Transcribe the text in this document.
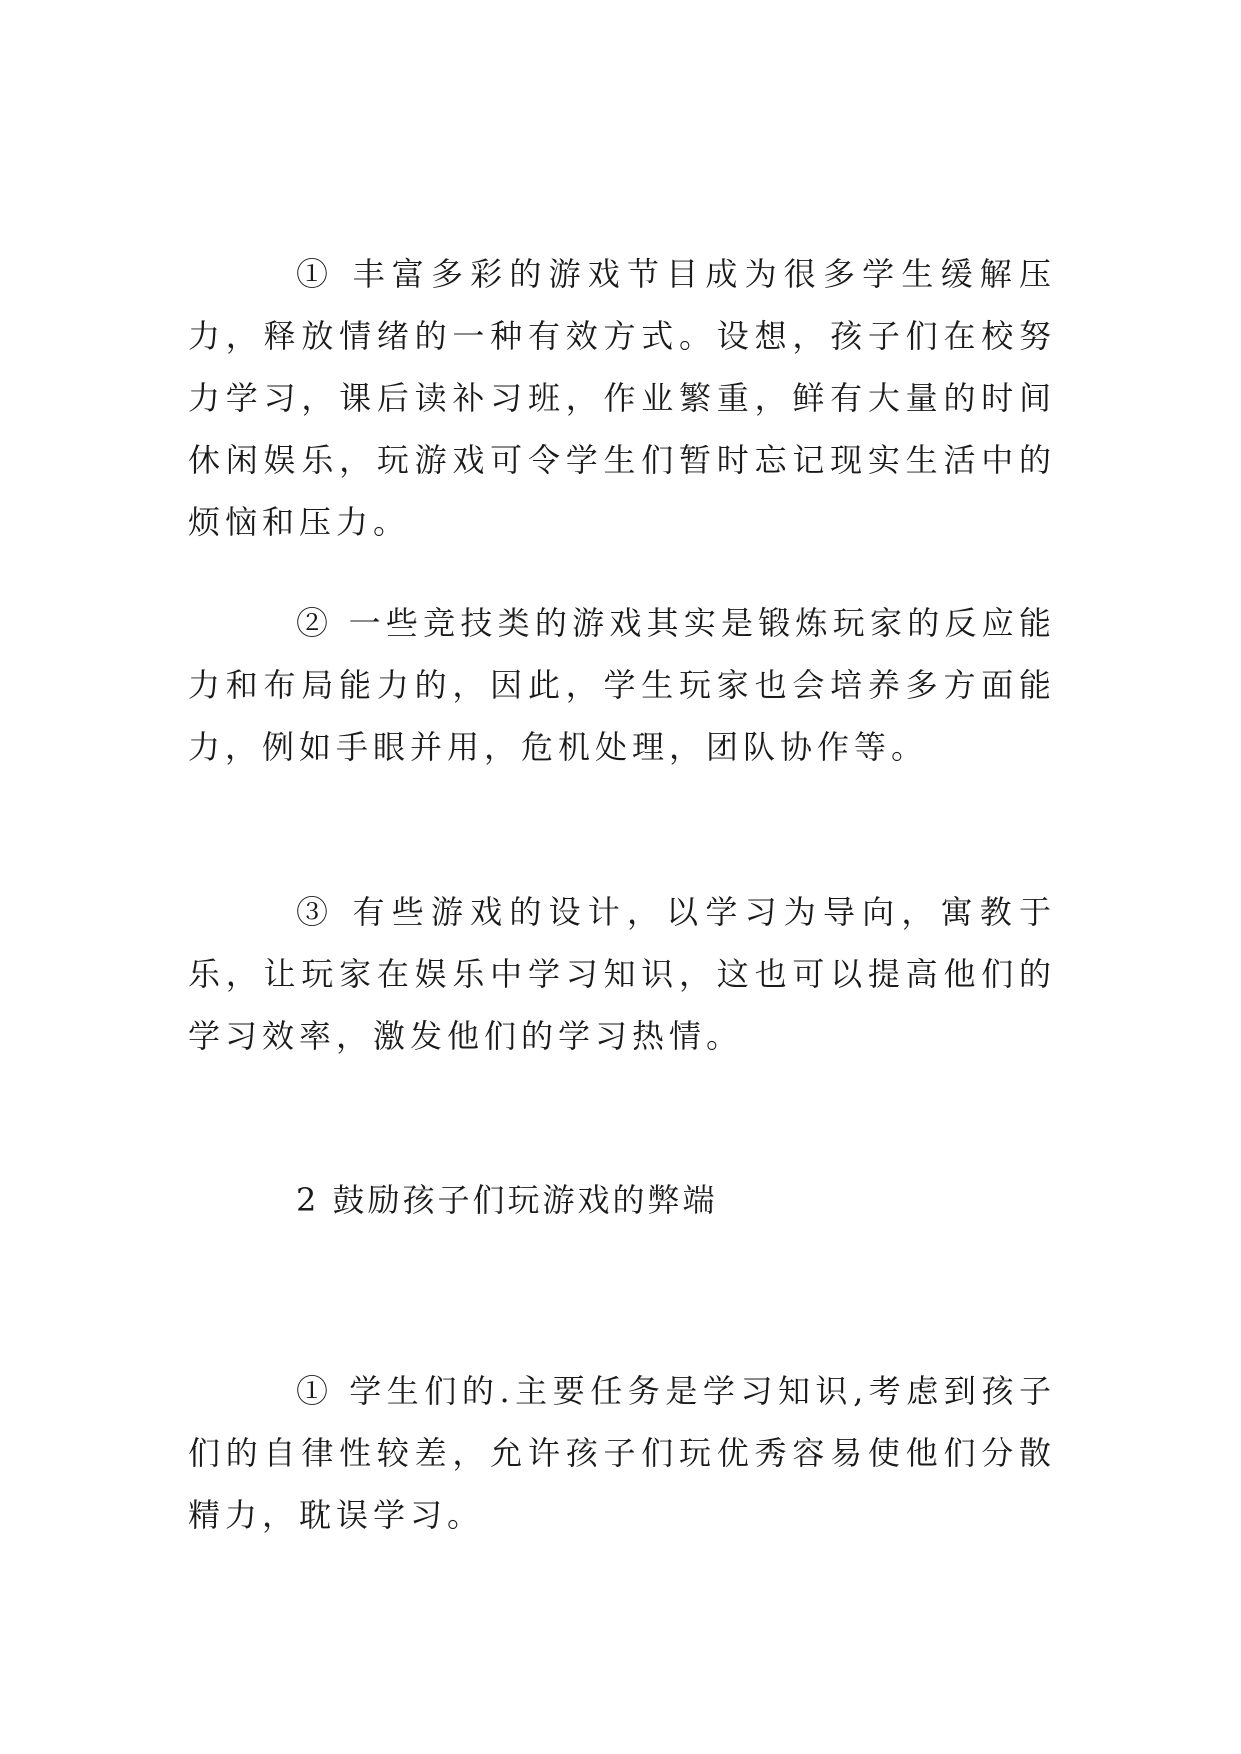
① 丰富多彩的游戏节目成为很多学生缓解压力，释放情绪的一种有效方式。设想，孩子们在校努力学习，课后读补习班，作业繁重，鲜有大量的时间休闲娱乐，玩游戏可令学生们暂时忘记现实生活中的烦恼和压力。

② 一些竞技类的游戏其实是锻炼玩家的反应能力和布局能力的，因此，学生玩家也会培养多方面能力，例如手眼并用，危机处理，团队协作等。

③ 有些游戏的设计，以学习为导向，寓教于乐，让玩家在娱乐中学习知识，这也可以提高他们的学习效率，激发他们的学习热情。

2 鼓励孩子们玩游戏的弊端

① 学生们的.主要任务是学习知识,考虑到孩子们的自律性较差，允许孩子们玩优秀容易使他们分散精力，耽误学习。
